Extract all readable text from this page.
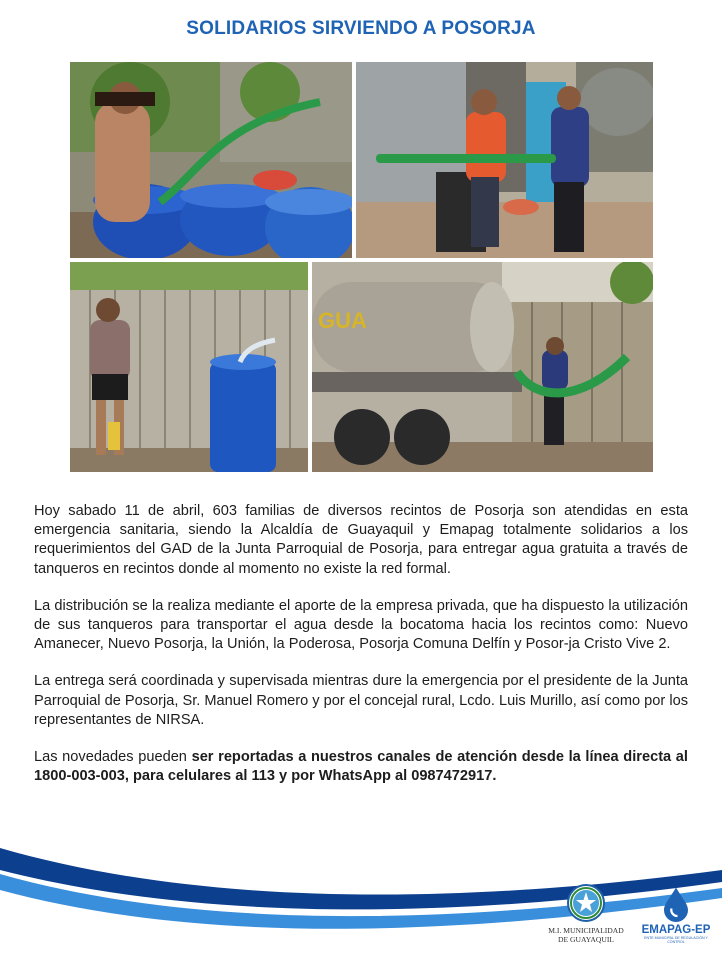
SOLIDARIOS SIRVIENDO A POSORJA
GUA

Hoy sabado 11 de abril, 603 familias de diversos recintos de Posorja son atendidas en esta emergencia sanitaria, siendo la Alcaldía de Guayaquil y Emapag totalmente solidarios a los requerimientos del GAD de la Junta Parroquial de Posorja, para entregar agua gratuita a través de tanqueros en recintos donde al momento no existe la red formal.

La distribución se la realiza mediante el aporte de la empresa privada, que ha dispuesto la utilización de sus tanqueros para transportar el agua desde la bocatoma hacia los recintos como: Nuevo Amanecer, Nuevo Posorja, la Unión, la Poderosa, Posorja Comuna Delfín y Posor-ja Cristo Vive 2.

La entrega será coordinada y supervisada mientras dure la emergencia por el presidente de la Junta Parroquial de Posorja, Sr. Manuel Romero y por el concejal rural, Lcdo. Luis Murillo, así como por los representantes de NIRSA.

Las novedades pueden ser reportadas a nuestros canales de atención desde la línea directa al 1800-003-003, para celulares al 113 y por WhatsApp al 0987472917.

M.I. MUNICIPALIDAD
DE GUAYAQUIL
EMAPAG-EP
ENTE MUNICIPAL DE REGULACIÓN Y CONTROL
